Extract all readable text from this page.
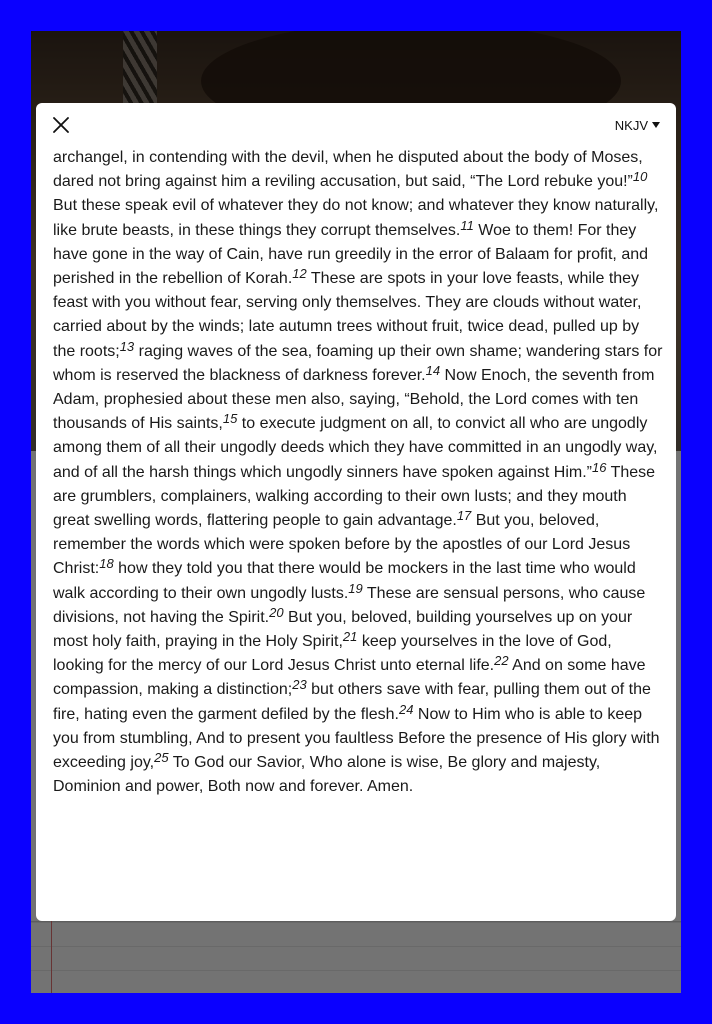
NKJV

archangel, in contending with the devil, when he disputed about the body of Moses, dared not bring against him a reviling accusation, but said, “The Lord rebuke you!”$^{10}$ But these speak evil of whatever they do not know; and whatever they know naturally, like brute beasts, in these things they corrupt themselves.$^{11}$ Woe to them! For they have gone in the way of Cain, have run greedily in the error of Balaam for profit, and perished in the rebellion of Korah.$^{12}$ These are spots in your love feasts, while they feast with you without fear, serving only themselves. They are clouds without water, carried about by the winds; late autumn trees without fruit, twice dead, pulled up by the roots;$^{13}$ raging waves of the sea, foaming up their own shame; wandering stars for whom is reserved the blackness of darkness forever.$^{14}$ Now Enoch, the seventh from Adam, prophesied about these men also, saying, “Behold, the Lord comes with ten thousands of His saints,$^{15}$ to execute judgment on all, to convict all who are ungodly among them of all their ungodly deeds which they have committed in an ungodly way, and of all the harsh things which ungodly sinners have spoken against Him.”$^{16}$ These are grumblers, complainers, walking according to their own lusts; and they mouth great swelling words, flattering people to gain advantage.$^{17}$ But you, beloved, remember the words which were spoken before by the apostles of our Lord Jesus Christ:$^{18}$ how they told you that there would be mockers in the last time who would walk according to their own ungodly lusts.$^{19}$ These are sensual persons, who cause divisions, not having the Spirit.$^{20}$ But you, beloved, building yourselves up on your most holy faith, praying in the Holy Spirit,$^{21}$ keep yourselves in the love of God, looking for the mercy of our Lord Jesus Christ unto eternal life.$^{22}$ And on some have compassion, making a distinction;$^{23}$ but others save with fear, pulling them out of the fire, hating even the garment defiled by the flesh.$^{24}$ Now to Him who is able to keep you from stumbling, And to present you faultless Before the presence of His glory with exceeding joy,$^{25}$ To God our Savior, Who alone is wise, Be glory and majesty, Dominion and power, Both now and forever. Amen.
